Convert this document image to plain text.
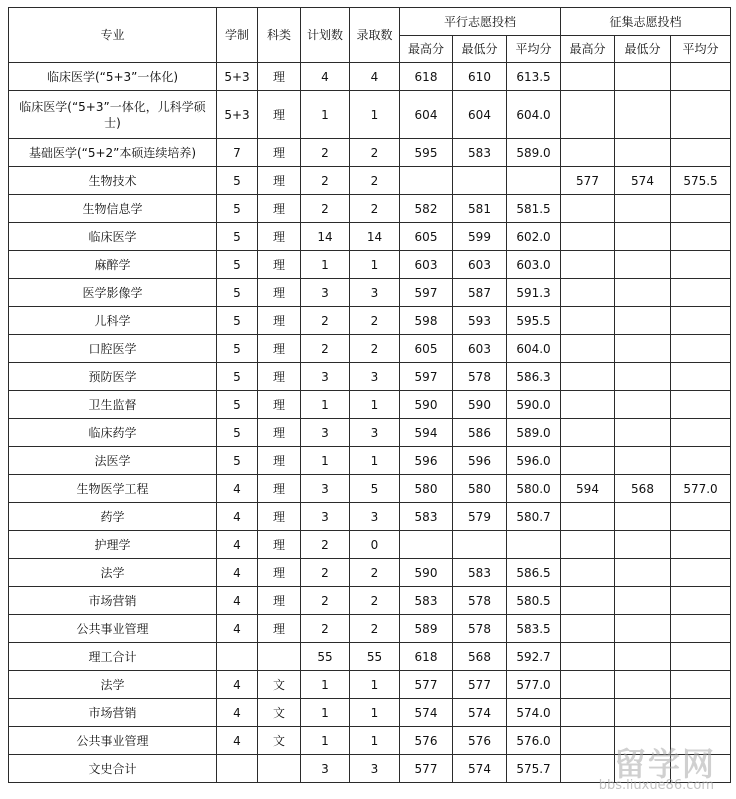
专业	学制	科类	计划数	录取数	平行志愿投档			征集志愿投档		
					最高分	最低分	平均分	最高分	最低分	平均分
临床医学(“5+3”一体化)	5+3	理	4	4	618	610	613.5			
临床医学(“5+3”一体化，儿科学硕士)	5+3	理	1	1	604	604	604.0			
基础医学(“5+2”本硕连续培养)	7	理	2	2	595	583	589.0			
生物技术	5	理	2	2				577	574	575.5
生物信息学	5	理	2	2	582	581	581.5			
临床医学	5	理	14	14	605	599	602.0			
麻醉学	5	理	1	1	603	603	603.0			
医学影像学	5	理	3	3	597	587	591.3			
儿科学	5	理	2	2	598	593	595.5			
口腔医学	5	理	2	2	605	603	604.0			
预防医学	5	理	3	3	597	578	586.3			
卫生监督	5	理	1	1	590	590	590.0			
临床药学	5	理	3	3	594	586	589.0			
法医学	5	理	1	1	596	596	596.0			
生物医学工程	4	理	3	5	580	580	580.0	594	568	577.0
药学	4	理	3	3	583	579	580.7			
护理学	4	理	2	0						
法学	4	理	2	2	590	583	586.5			
市场营销	4	理	2	2	583	578	580.5			
公共事业管理	4	理	2	2	589	578	583.5			
理工合计			55	55	618	568	592.7			
法学	4	文	1	1	577	577	577.0			
市场营销	4	文	1	1	574	574	574.0			
公共事业管理	4	文	1	1	576	576	576.0			
文史合计			3	3	577	574	575.7			留学网
bbs.liuxue86.com
